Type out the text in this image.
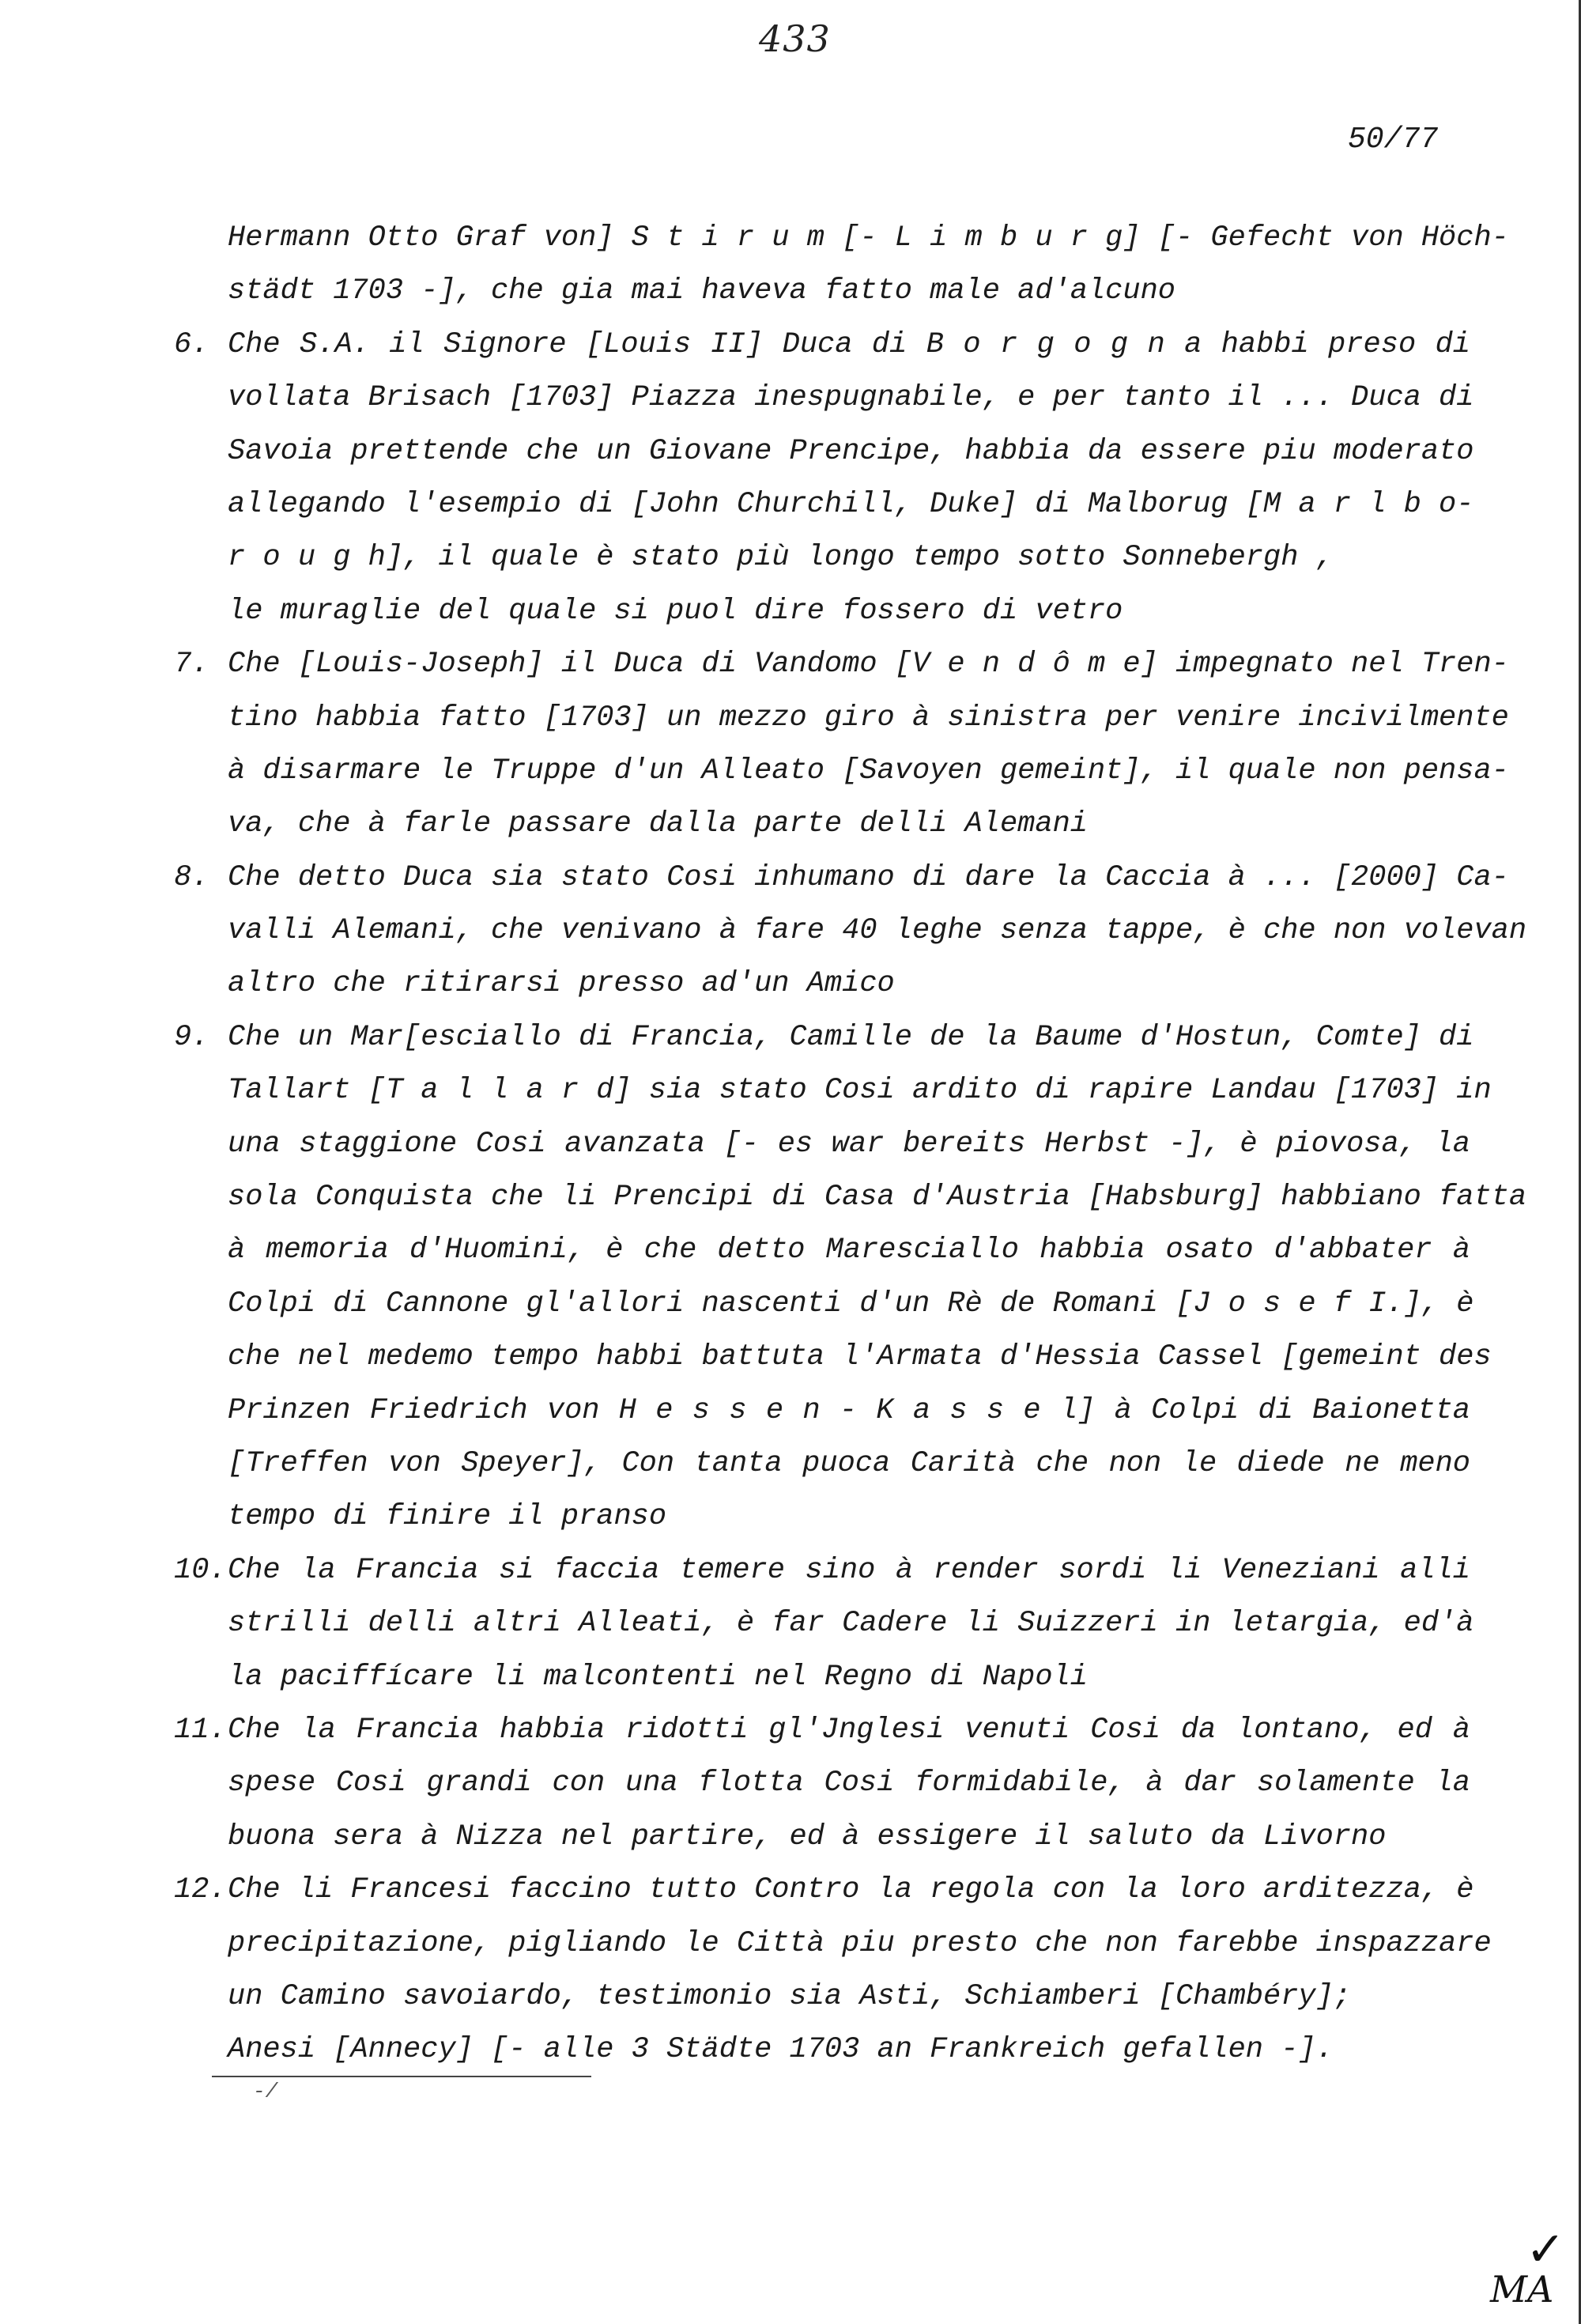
433
50/77
Hermann Otto Graf von] S t i r u m [- L i m b u r g] [- Gefecht von Höch-
städt 1703 -], che gia mai haveva fatto male ad'alcuno
6. Che S.A. il Signore [Louis II] Duca di B o r g o g n a habbi preso di
vollata Brisach [1703] Piazza inespugnabile, e per tanto il ... Duca di
Savoia prettende che un Giovane Prencipe, habbia da essere piu moderato
allegando l'esempio di [John Churchill, Duke] di Malborug [M a r l b o-
r o u g h], il quale è stato più longo tempo sotto Sonnebergh ,
le muraglie del quale si puol dire fossero di vetro
7. Che [Louis-Joseph] il Duca di Vandomo [V e n d ô m e] impegnato nel Tren-
tino habbia fatto [1703] un mezzo giro à sinistra per venire incivilmente
à disarmare le Truppe d'un Alleato [Savoyen gemeint], il quale non pensa-
va, che à farle passare dalla parte delli Alemani
8. Che detto Duca sia stato Cosi inhumano di dare la Caccia à ... [2000] Ca-
valli Alemani, che venivano à fare 40 leghe senza tappe, è che non volevan
altro che ritirarsi presso ad'un Amico
9. Che un Mar[esciallo di Francia, Camille de la Baume d'Hostun, Comte] di
Tallart [T a l l a r d] sia stato Cosi ardito di rapire Landau [1703] in
una staggione Cosi avanzata [- es war bereits Herbst -], è piovosa, la
sola Conquista che li Prencipi di Casa d'Austria [Habsburg] habbiano fatta
à memoria d'Huomini, è che detto Maresciallo habbia osato d'abbater à
Colpi di Cannone gl'allori nascenti d'un Rè de Romani [J o s e f I.], è
che nel medemo tempo habbi battuta l'Armata d'Hessia Cassel [gemeint des
Prinzen Friedrich von H e s s e n - K a s s e l] à Colpi di Baionetta
[Treffen von Speyer], Con tanta puoca Carità che non le diede ne meno
tempo di finire il pranso
10. Che la Francia si faccia temere sino à render sordi li Veneziani alli
strilli delli altri Alleati, è far Cadere li Suizzeri in letargia, ed'à
la paciffícare li malcontenti nel Regno di Napoli
11. Che la Francia habbia ridotti gl'Jnglesi venuti Cosi da lontano, ed à
spese Cosi grandi con una flotta Cosi formidabile, à dar solamente la
buona sera à Nizza nel partire, ed à essigere il saluto da Livorno
12. Che li Francesi faccino tutto Contro la regola con la loro arditezza, è
precipitazione, pigliando le Città piu presto che non farebbe inspazzare
un Camino savoiardo, testimonio sia Asti, Schiamberi [Chambéry];
Anesi [Annecy] [- alle 3 Städte 1703 an Frankreich gefallen -].
-/
✓
MA
